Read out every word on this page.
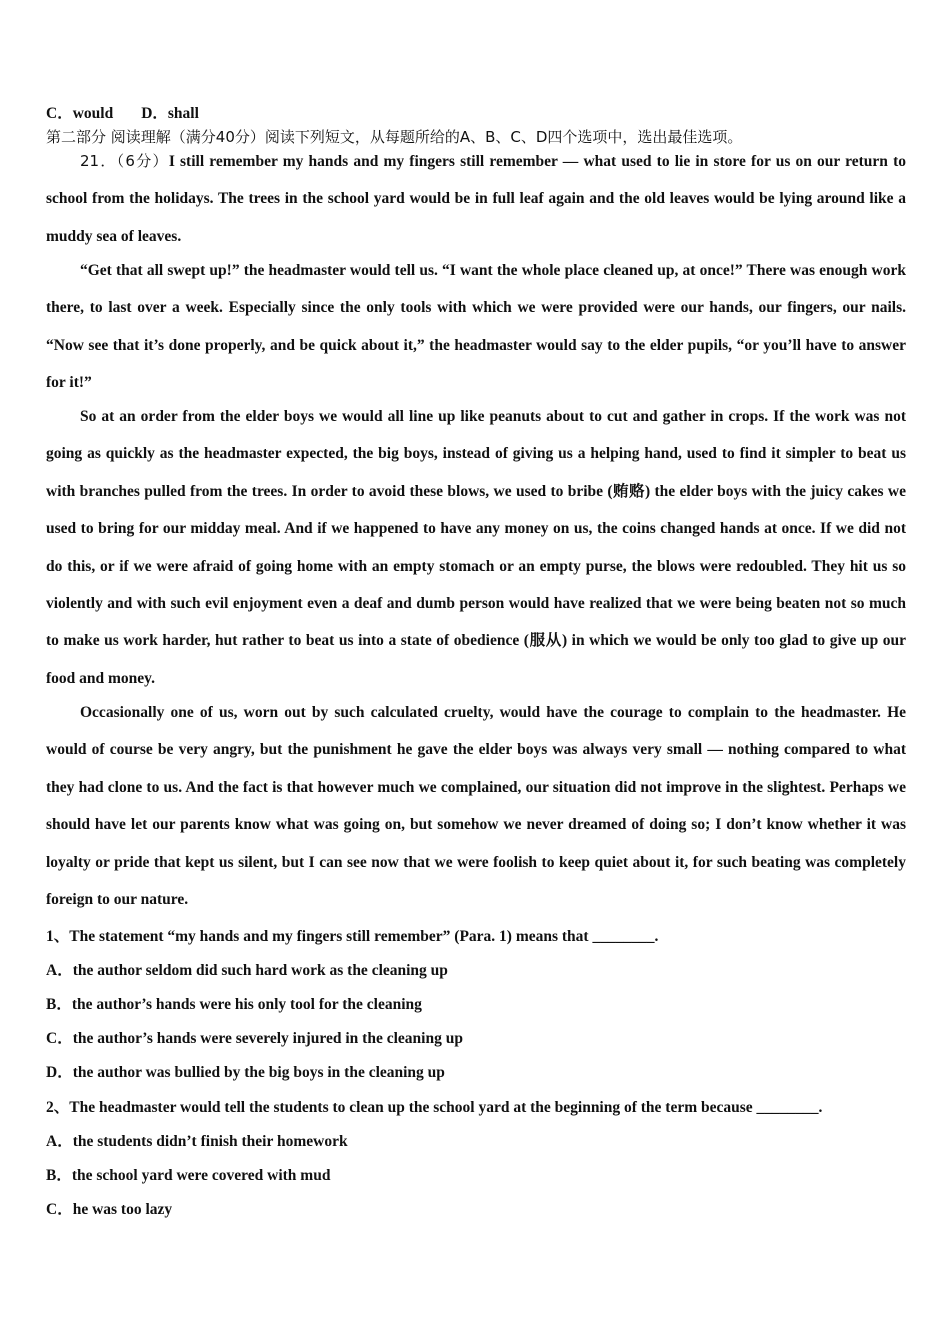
C．would D．shall
第二部分 阅读理解（满分40分）阅读下列短文，从每题所给的A、B、C、D四个选项中，选出最佳选项。
21．（6分）I still remember my hands and my fingers still remember — what used to lie in store for us on our return to school from the holidays. The trees in the school yard would be in full leaf again and the old leaves would be lying around like a muddy sea of leaves.
“Get that all swept up!” the headmaster would tell us. “I want the whole place cleaned up, at once!” There was enough work there, to last over a week. Especially since the only tools with which we were provided were our hands, our fingers, our nails. “Now see that it’s done properly, and be quick about it,” the headmaster would say to the elder pupils, “or you’ll have to answer for it!”
So at an order from the elder boys we would all line up like peanuts about to cut and gather in crops. If the work was not going as quickly as the headmaster expected, the big boys, instead of giving us a helping hand, used to find it simpler to beat us with branches pulled from the trees. In order to avoid these blows, we used to bribe (贿赂) the elder boys with the juicy cakes we used to bring for our midday meal. And if we happened to have any money on us, the coins changed hands at once. If we did not do this, or if we were afraid of going home with an empty stomach or an empty purse, the blows were redoubled. They hit us so violently and with such evil enjoyment even a deaf and dumb person would have realized that we were being beaten not so much to make us work harder, hut rather to beat us into a state of obedience (服从) in which we would be only too glad to give up our food and money.
Occasionally one of us, worn out by such calculated cruelty, would have the courage to complain to the headmaster. He would of course be very angry, but the punishment he gave the elder boys was always very small — nothing compared to what they had clone to us. And the fact is that however much we complained, our situation did not improve in the slightest. Perhaps we should have let our parents know what was going on, but somehow we never dreamed of doing so; I don’t know whether it was loyalty or pride that kept us silent, but I can see now that we were foolish to keep quiet about it, for such beating was completely foreign to our nature.
1、The statement “my hands and my fingers still remember” (Para. 1) means that ________.
A．the author seldom did such hard work as the cleaning up
B．the author’s hands were his only tool for the cleaning
C．the author’s hands were severely injured in the cleaning up
D．the author was bullied by the big boys in the cleaning up
2、The headmaster would tell the students to clean up the school yard at the beginning of the term because ________.
A．the students didn’t finish their homework
B．the school yard were covered with mud
C．he was too lazy
